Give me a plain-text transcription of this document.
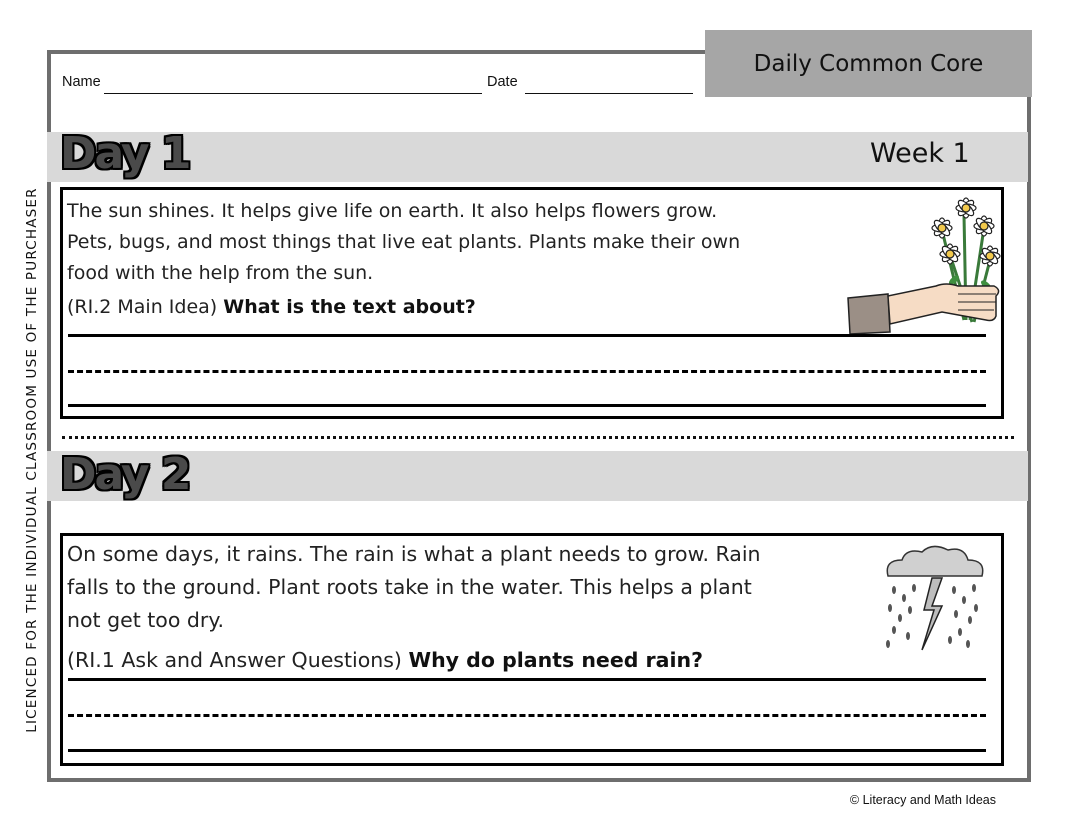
LICENCED FOR THE INDIVIDUAL CLASSROOM USE OF THE PURCHASER
Daily Common Core
Name	Date
Day 1	Week 1
The sun shines. It helps give life on earth. It also helps flowers grow.
Pets, bugs, and most things that live eat plants. Plants make their own
food with the help from the sun.
(RI.2 Main Idea) What is the text about?
Day 2
On some days, it rains. The rain is what a plant needs to grow. Rain
falls to the ground. Plant roots take in the water. This helps a plant
not get too dry.
(RI.1 Ask and Answer Questions) Why do plants need rain?
© Literacy and Math Ideas
